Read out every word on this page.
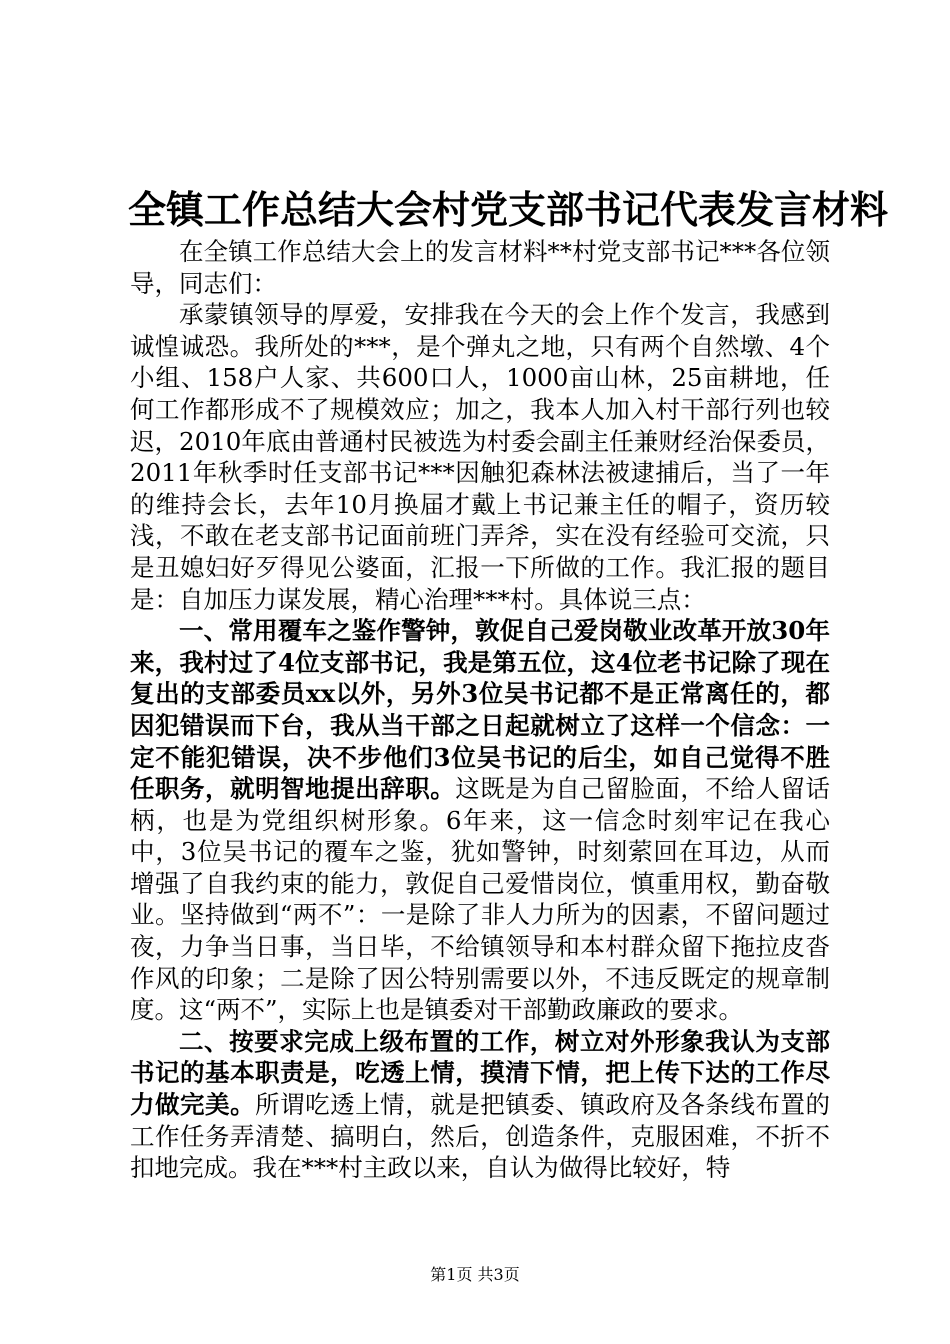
全镇工作总结大会村党支部书记代表发言材料

在全镇工作总结大会上的发言材料**村党支部书记***各位领导，同志们：

承蒙镇领导的厚爱，安排我在今天的会上作个发言，我感到诚惶诚恐。我所处的***，是个弹丸之地，只有两个自然墩、4个小组、158户人家、共600口人，1000亩山林，25亩耕地，任何工作都形成不了规模效应；加之，我本人加入村干部行列也较迟，2010年底由普通村民被选为村委会副主任兼财经治保委员，2011年秋季时任支部书记***因触犯森林法被逮捕后，当了一年的维持会长，去年10月换届才戴上书记兼主任的帽子，资历较浅，不敢在老支部书记面前班门弄斧，实在没有经验可交流，只是丑媳妇好歹得见公婆面，汇报一下所做的工作。我汇报的题目是：自加压力谋发展，精心治理***村。具体说三点：

一、常用覆车之鉴作警钟，敦促自己爱岗敬业改革开放30年来，我村过了4位支部书记，我是第五位，这4位老书记除了现在复出的支部委员xx以外，另外3位吴书记都不是正常离任的，都因犯错误而下台，我从当干部之日起就树立了这样一个信念：一定不能犯错误，决不步他们3位吴书记的后尘，如自己觉得不胜任职务，就明智地提出辞职。这既是为自己留脸面，不给人留话柄，也是为党组织树形象。6年来，这一信念时刻牢记在我心中，3位吴书记的覆车之鉴，犹如警钟，时刻萦回在耳边，从而增强了自我约束的能力，敦促自己爱惜岗位，慎重用权，勤奋敬业。坚持做到“两不”：一是除了非人力所为的因素，不留问题过夜，力争当日事，当日毕，不给镇领导和本村群众留下拖拉皮沓作风的印象；二是除了因公特别需要以外，不违反既定的规章制度。这“两不”，实际上也是镇委对干部勤政廉政的要求。

二、按要求完成上级布置的工作，树立对外形象我认为支部书记的基本职责是，吃透上情，摸清下情，把上传下达的工作尽力做完美。所谓吃透上情，就是把镇委、镇政府及各条线布置的工作任务弄清楚、搞明白，然后，创造条件，克服困难，不折不扣地完成。我在***村主政以来，自认为做得比较好，特

第1页 共3页
